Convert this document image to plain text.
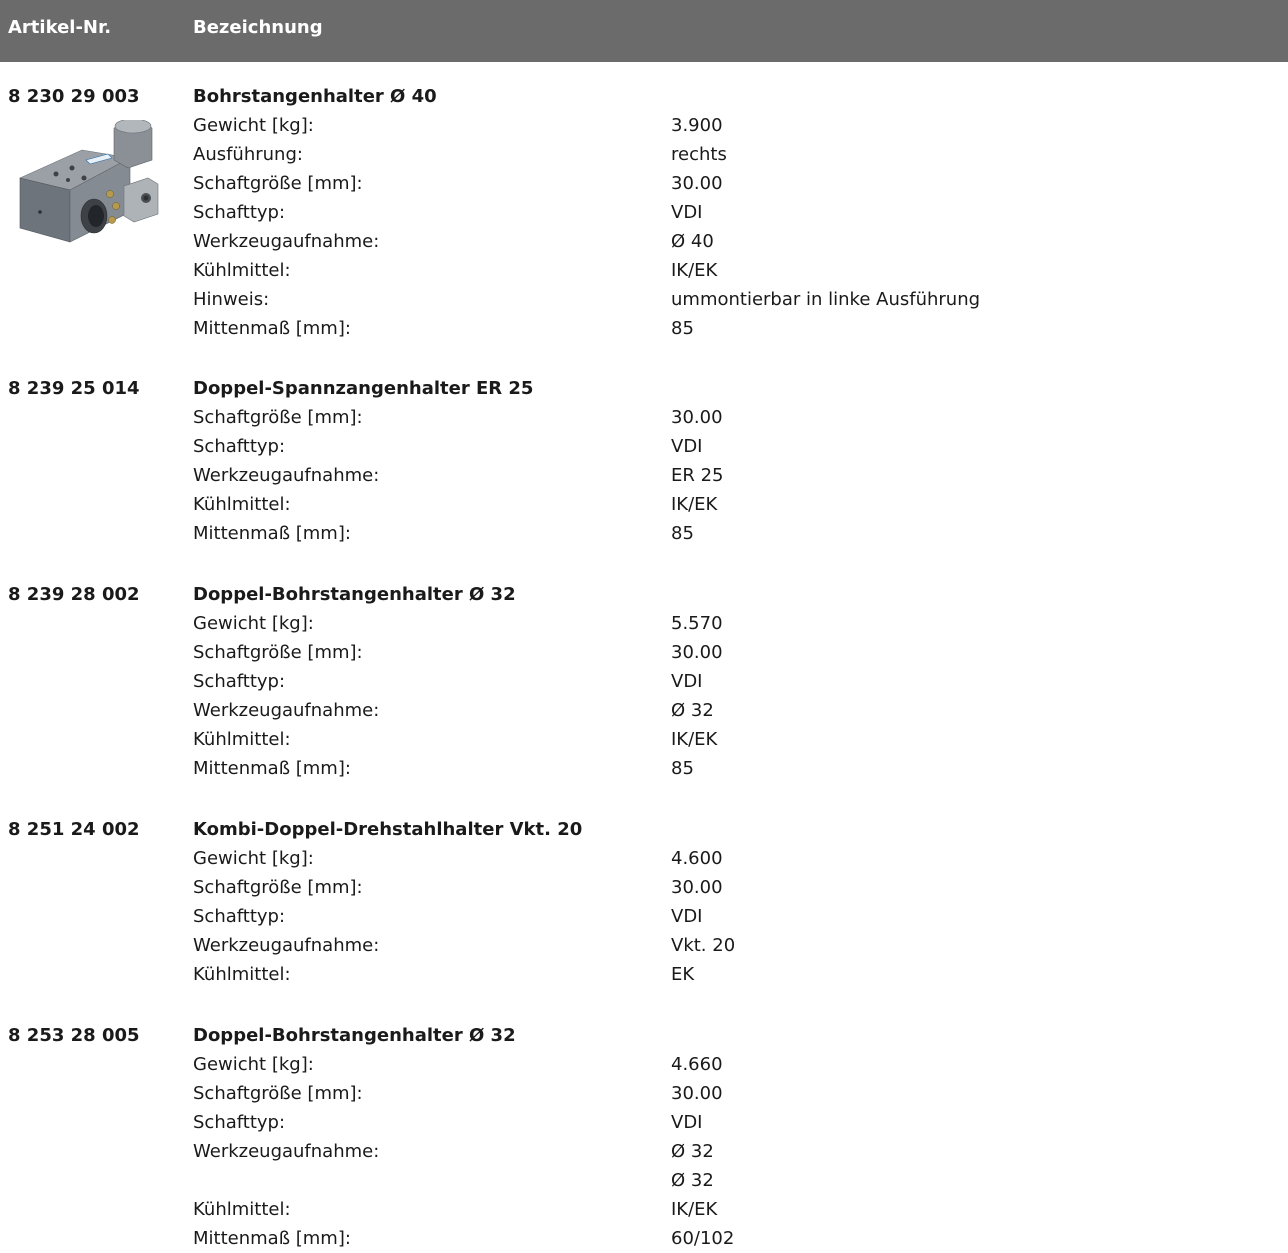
Artikel-Nr.	Bezeichnung
8 230 29 003	Bohrstangenhalter Ø 40
Gewicht [kg]:	3.900
Ausführung:	rechts
Schaftgröße [mm]:	30.00
Schafttyp:	VDI
Werkzeugaufnahme:	Ø 40
Kühlmittel:	IK/EK
Hinweis:	ummontierbar in linke Ausführung
Mittenmaß [mm]:	85
8 239 25 014	Doppel-Spannzangenhalter ER 25
Schaftgröße [mm]:	30.00
Schafttyp:	VDI
Werkzeugaufnahme:	ER 25
Kühlmittel:	IK/EK
Mittenmaß [mm]:	85
8 239 28 002	Doppel-Bohrstangenhalter Ø 32
Gewicht [kg]:	5.570
Schaftgröße [mm]:	30.00
Schafttyp:	VDI
Werkzeugaufnahme:	Ø 32
Kühlmittel:	IK/EK
Mittenmaß [mm]:	85
8 251 24 002	Kombi-Doppel-Drehstahlhalter Vkt. 20
Gewicht [kg]:	4.600
Schaftgröße [mm]:	30.00
Schafttyp:	VDI
Werkzeugaufnahme:	Vkt. 20
Kühlmittel:	EK
8 253 28 005	Doppel-Bohrstangenhalter Ø 32
Gewicht [kg]:	4.660
Schaftgröße [mm]:	30.00
Schafttyp:	VDI
Werkzeugaufnahme:	Ø 32
Ø 32
Kühlmittel:	IK/EK
Mittenmaß [mm]:	60/102
